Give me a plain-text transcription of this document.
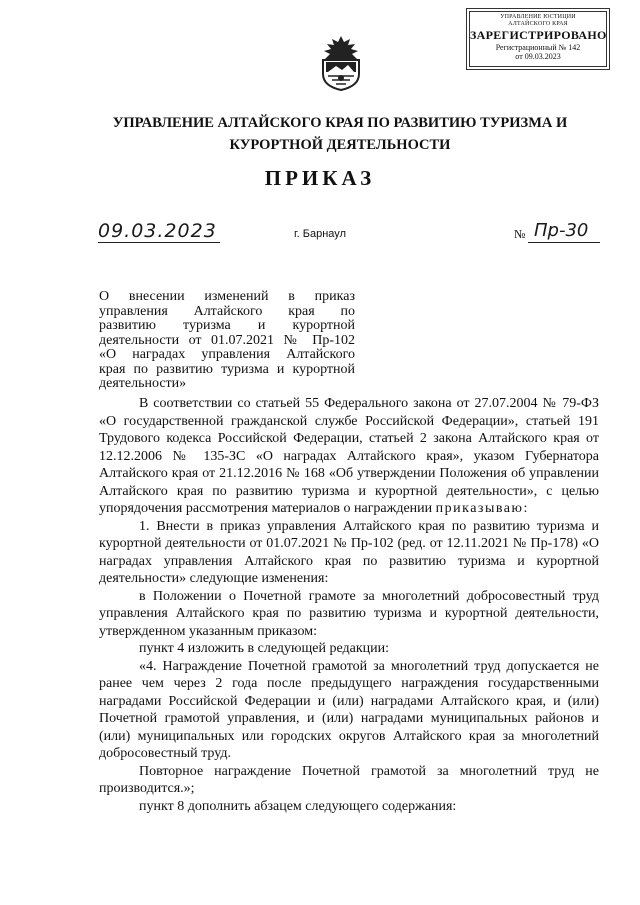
УПРАВЛЕНИЕ ЮСТИЦИИ
АЛТАЙСКОГО КРАЯ
ЗАРЕГИСТРИРОВАНО
Регистрационный № 142
от 09.03.2023
УПРАВЛЕНИЕ АЛТАЙСКОГО КРАЯ ПО РАЗВИТИЮ ТУРИЗМА И
КУРОРТНОЙ ДЕЯТЕЛЬНОСТИ
ПРИКАЗ
09.03.2023	г. Барнаул	№ Пр-30
О внесении изменений в приказ
управления Алтайского края по
развитию туризма и курортной
деятельности от 01.07.2021 № Пр-102
«О наградах управления Алтайского
края по развитию туризма и курортной
деятельности»

В соответствии со статьей 55 Федерального закона от 27.07.2004 № 79-ФЗ «О государственной гражданской службе Российской Федерации», статьей 191 Трудового кодекса Российской Федерации, статьей 2 закона Алтайского края от 12.12.2006 № 135-ЗС «О наградах Алтайского края», указом Губернатора Алтайского края от 21.12.2016 № 168 «Об утверждении Положения об управлении Алтайского края по развитию туризма и курортной деятельности», с целью упорядочения рассмотрения материалов о награждении приказываю:

1. Внести в приказ управления Алтайского края по развитию туризма и курортной деятельности от 01.07.2021 № Пр-102 (ред. от 12.11.2021 № Пр-178) «О наградах управления Алтайского края по развитию туризма и курортной деятельности» следующие изменения:

в Положении о Почетной грамоте за многолетний добросовестный труд управления Алтайского края по развитию туризма и курортной деятельности, утвержденном указанным приказом:

пункт 4 изложить в следующей редакции:

«4. Награждение Почетной грамотой за многолетний труд допускается не ранее чем через 2 года после предыдущего награждения государственными наградами Российской Федерации и (или) наградами Алтайского края, и (или) Почетной грамотой управления, и (или) наградами муниципальных районов и (или) муниципальных или городских округов Алтайского края за многолетний добросовестный труд.

Повторное награждение Почетной грамотой за многолетний труд не производится.»;

пункт 8 дополнить абзацем следующего содержания:
